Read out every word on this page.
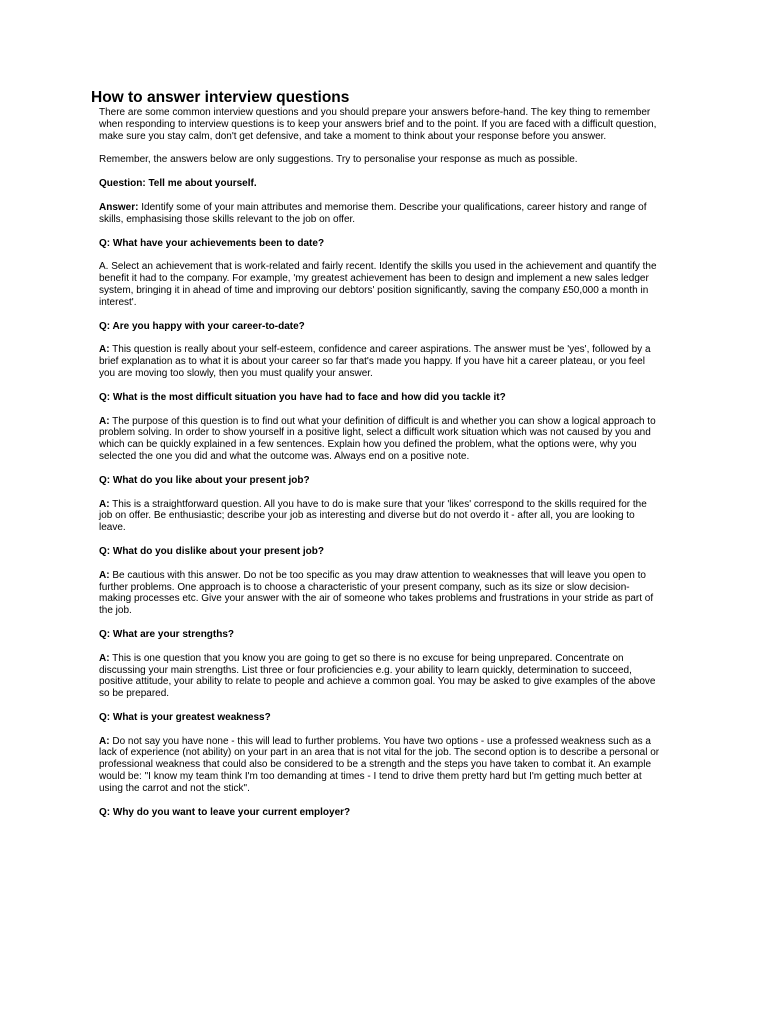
How to answer interview questions

There are some common interview questions and you should prepare your answers before-hand. The key thing to remember when responding to interview questions is to keep your answers brief and to the point. If you are faced with a difficult question, make sure you stay calm, don't get defensive, and take a moment to think about your response before you answer.

Remember, the answers below are only suggestions. Try to personalise your response as much as possible.

Question: Tell me about yourself.

Answer: Identify some of your main attributes and memorise them. Describe your qualifications, career history and range of skills, emphasising those skills relevant to the job on offer.

Q: What have your achievements been to date?

A. Select an achievement that is work-related and fairly recent. Identify the skills you used in the achievement and quantify the benefit it had to the company. For example, 'my greatest achievement has been to design and implement a new sales ledger system, bringing it in ahead of time and improving our debtors' position significantly, saving the company £50,000 a month in interest'.

Q: Are you happy with your career-to-date?

A: This question is really about your self-esteem, confidence and career aspirations. The answer must be 'yes', followed by a brief explanation as to what it is about your career so far that's made you happy. If you have hit a career plateau, or you feel you are moving too slowly, then you must qualify your answer.

Q: What is the most difficult situation you have had to face and how did you tackle it?

A: The purpose of this question is to find out what your definition of difficult is and whether you can show a logical approach to problem solving. In order to show yourself in a positive light, select a difficult work situation which was not caused by you and which can be quickly explained in a few sentences. Explain how you defined the problem, what the options were, why you selected the one you did and what the outcome was. Always end on a positive note.

Q: What do you like about your present job?

A: This is a straightforward question. All you have to do is make sure that your 'likes' correspond to the skills required for the job on offer. Be enthusiastic; describe your job as interesting and diverse but do not overdo it - after all, you are looking to leave.

Q: What do you dislike about your present job?

A: Be cautious with this answer. Do not be too specific as you may draw attention to weaknesses that will leave you open to further problems. One approach is to choose a characteristic of your present company, such as its size or slow decision-making processes etc. Give your answer with the air of someone who takes problems and frustrations in your stride as part of the job.

Q: What are your strengths?

A: This is one question that you know you are going to get so there is no excuse for being unprepared. Concentrate on discussing your main strengths. List three or four proficiencies e.g. your ability to learn quickly, determination to succeed, positive attitude, your ability to relate to people and achieve a common goal. You may be asked to give examples of the above so be prepared.

Q: What is your greatest weakness?

A: Do not say you have none - this will lead to further problems. You have two options - use a professed weakness such as a lack of experience (not ability) on your part in an area that is not vital for the job. The second option is to describe a personal or professional weakness that could also be considered to be a strength and the steps you have taken to combat it. An example would be: "I know my team think I'm too demanding at times - I tend to drive them pretty hard but I'm getting much better at using the carrot and not the stick".

Q: Why do you want to leave your current employer?
